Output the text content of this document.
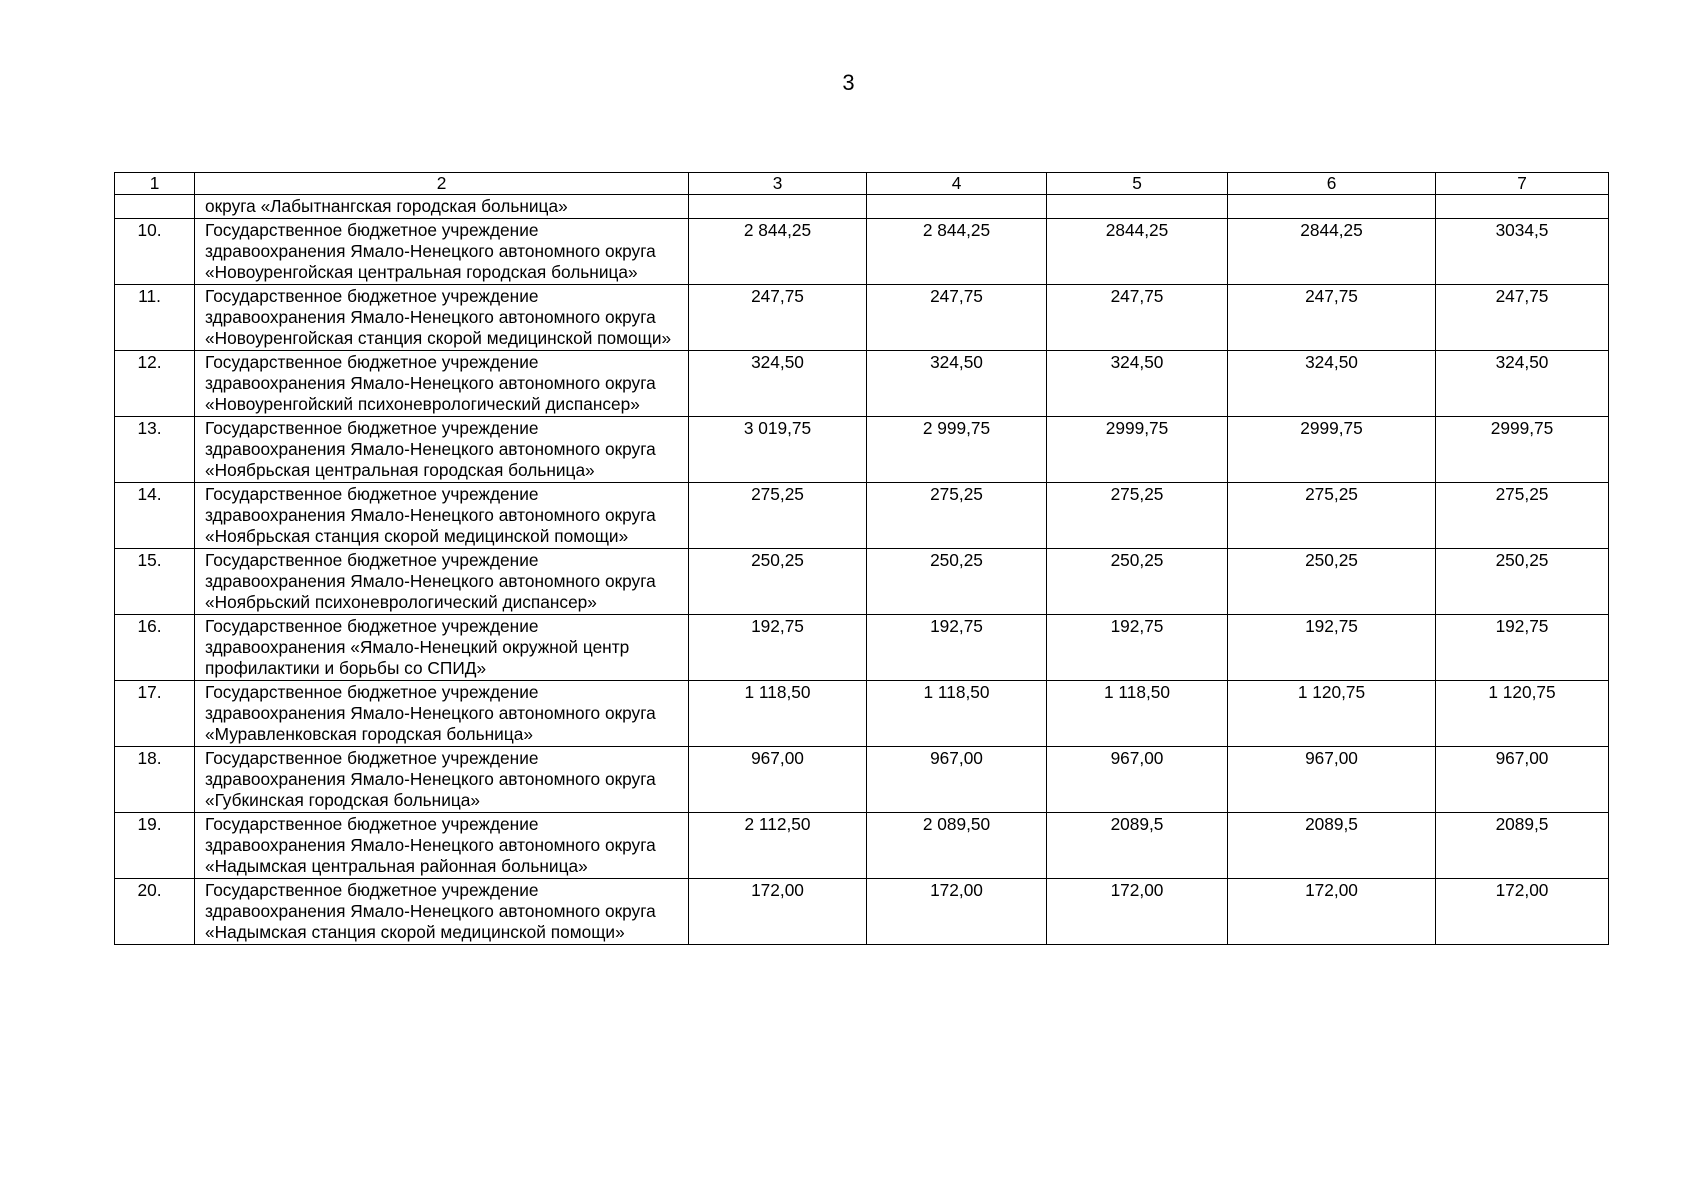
3
1	2	3	4	5	6	7
	округа «Лабытнангская городская больница»					
10.	Государственное бюджетное учреждение здравоохранения Ямало-Ненецкого автономного округа «Новоуренгойская центральная городская больница»	2 844,25	2 844,25	2844,25	2844,25	3034,5
11.	Государственное бюджетное учреждение здравоохранения Ямало-Ненецкого автономного округа «Новоуренгойская станция скорой медицинской помощи»	247,75	247,75	247,75	247,75	247,75
12.	Государственное бюджетное учреждение здравоохранения Ямало-Ненецкого автономного округа «Новоуренгойский психоневрологический диспансер»	324,50	324,50	324,50	324,50	324,50
13.	Государственное бюджетное учреждение здравоохранения Ямало-Ненецкого автономного округа «Ноябрьская центральная городская больница»	3 019,75	2 999,75	2999,75	2999,75	2999,75
14.	Государственное бюджетное учреждение здравоохранения Ямало-Ненецкого автономного округа «Ноябрьская станция скорой медицинской помощи»	275,25	275,25	275,25	275,25	275,25
15.	Государственное бюджетное учреждение здравоохранения Ямало-Ненецкого автономного округа «Ноябрьский психоневрологический диспансер»	250,25	250,25	250,25	250,25	250,25
16.	Государственное бюджетное учреждение здравоохранения «Ямало-Ненецкий окружной центр профилактики и борьбы со СПИД»	192,75	192,75	192,75	192,75	192,75
17.	Государственное бюджетное учреждение здравоохранения Ямало-Ненецкого автономного округа «Муравленковская городская больница»	1 118,50	1 118,50	1 118,50	1 120,75	1 120,75
18.	Государственное бюджетное учреждение здравоохранения Ямало-Ненецкого автономного округа «Губкинская городская больница»	967,00	967,00	967,00	967,00	967,00
19.	Государственное бюджетное учреждение здравоохранения Ямало-Ненецкого автономного округа «Надымская центральная районная больница»	2 112,50	2 089,50	2089,5	2089,5	2089,5
20.	Государственное бюджетное учреждение здравоохранения Ямало-Ненецкого автономного округа «Надымская станция скорой медицинской помощи»	172,00	172,00	172,00	172,00	172,00
